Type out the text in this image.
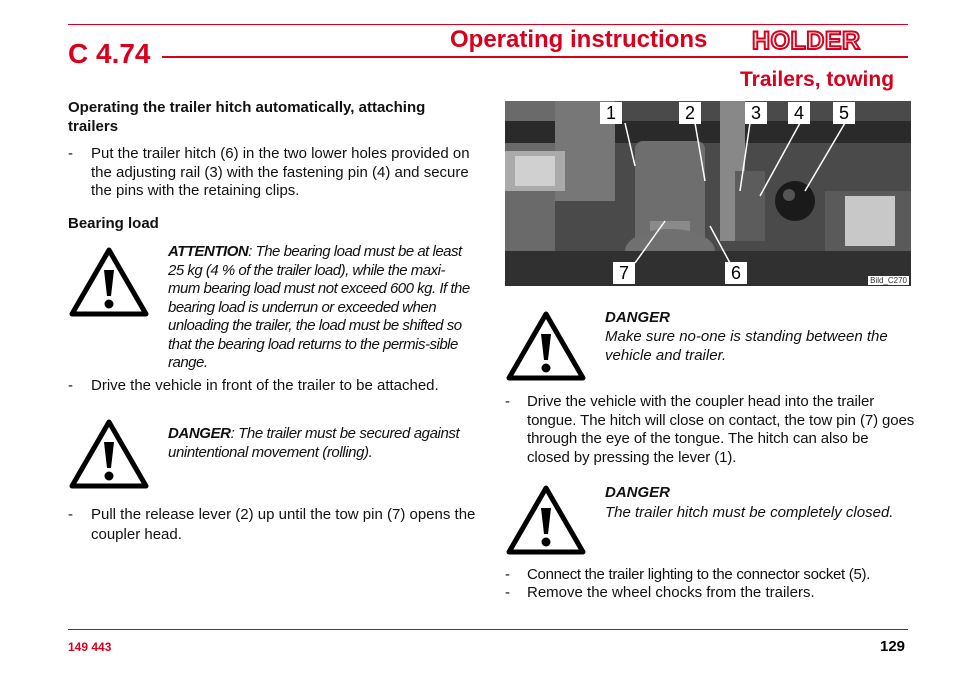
C 4.74	Operating instructions	HOLDER
Trailers, towing
Operating the trailer hitch automatically, attaching trailers
- Put the trailer hitch (6) in the two lower holes provided on the adjusting rail (3) with the fastening pin (4) and secure the pins with the retaining clips.
Bearing load
ATTENTION: The bearing load must be at least 25 kg (4 % of the trailer load), while the maxi-mum bearing load must not exceed 600 kg. If the bearing load is underrun or exceeded when unloading the trailer, the load must be shifted so that the bearing load returns to the permis-sible range.
- Drive the vehicle in front of the trailer to be attached.
DANGER: The trailer must be secured against unintentional movement (rolling).
- Pull the release lever (2) up until the tow pin (7) opens the coupler head.
1	2	3	4	5
7	6	Bild_C270
DANGER
Make sure no-one is standing between the vehicle and trailer.
- Drive the vehicle with the coupler head into the trailer tongue. The hitch will close on contact, the tow pin (7) goes through the eye of the tongue. The hitch can also be closed by pressing the lever (1).
DANGER
The trailer hitch must be completely closed.
- Connect the trailer lighting to the connector socket (5).
- Remove the wheel chocks from the trailers.
149 443	129
